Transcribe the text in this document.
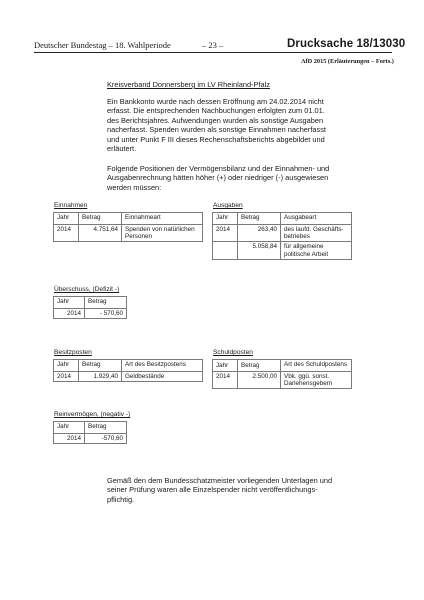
Deutscher Bundestag – 18. Wahlperiode	– 23 –	Drucksache 18/13030
AfD 2015 (Erläuterungen – Forts.)
Kreisverband Donnersberg im LV Rheinland-Pfalz
Ein Bankkonto wurde nach dessen Eröffnung am 24.02.2014 nicht
erfasst. Die entsprechenden Nachbuchungen erfolgten zum 01.01.
des Berichtsjahres. Aufwendungen wurden als sonstige Ausgaben
nacherfasst. Spenden wurden als sonstige Einnahmen nacherfasst
und unter Punkt F III dieses Rechenschaftsberichts abgebildet und
erläutert.
Folgende Positionen der Vermögensbilanz und der Einnahmen- und
Ausgabenrechnung hätten höher (+) oder niedriger (-) ausgewiesen
werden müssen:
Einnahmen
Jahr	Betrag	Einnahmeart
2014	4.751,64	Spenden von natürlichen Personen
Ausgaben
Jahr	Betrag	Ausgabeart
2014	263,40	des laufd. Geschäfts-betriebes
	5.058,84	für allgemeine politische Arbeit
Überschuss, (Defizit -)
Jahr	Betrag
2014	- 570,60
Besitzposten
Jahr	Betrag	Art des Besitzpostens
2014	1.929,40	Geldbestände
Schuldposten
Jahr	Betrag	Art des Schuldpostens
2014	2.500,00	Vbk. ggü. sonst. Darlehensgebern
Reinvermögen, (negativ -)
Jahr	Betrag
2014	-570,60
Gemäß den dem Bundesschatzmeister vorliegenden Unterlagen und
seiner Prüfung waren alle Einzelspender nicht veröffentlichungs-
pflichtig.
